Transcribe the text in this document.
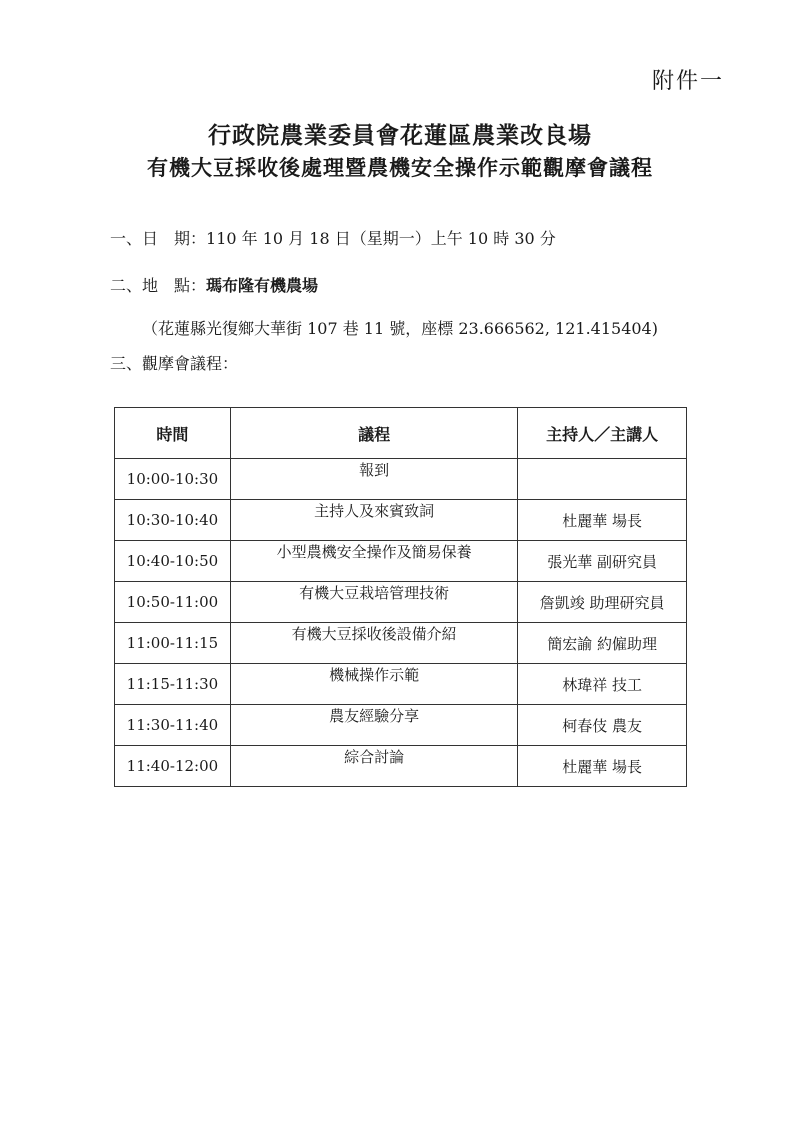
附件一
行政院農業委員會花蓮區農業改良場
有機大豆採收後處理暨農機安全操作示範觀摩會議程
一、日　期：110 年 10 月 18 日（星期一）上午 10 時 30 分
二、地　點：瑪布隆有機農場
（花蓮縣光復鄉大華街 107 巷 11 號，座標 23.666562, 121.415404)
三、觀摩會議程：
時間	議程	主持人／主講人
10:00-10:30	報到	
10:30-10:40	主持人及來賓致詞	杜麗華 場長
10:40-10:50	小型農機安全操作及簡易保養	張光華 副研究員
10:50-11:00	有機大豆栽培管理技術	詹凱竣 助理研究員
11:00-11:15	有機大豆採收後設備介紹	簡宏諭 約僱助理
11:15-11:30	機械操作示範	林瑋祥 技工
11:30-11:40	農友經驗分享	柯春伎 農友
11:40-12:00	綜合討論	杜麗華 場長
